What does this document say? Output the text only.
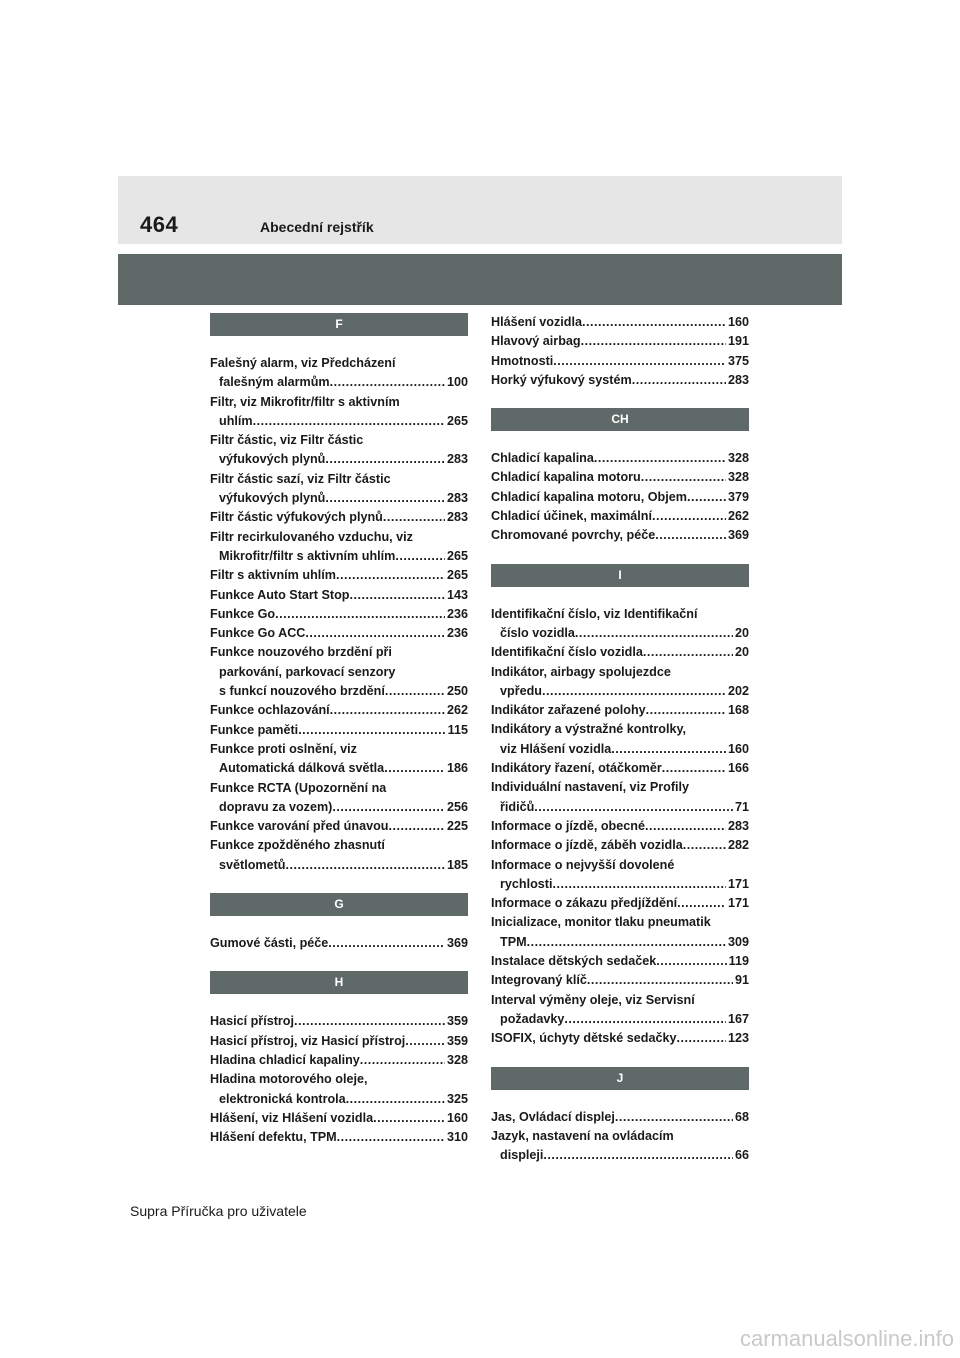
464	Abecední rejstřík
F
Falešný alarm, viz Předcházení
falešným alarmům .....	100
Filtr, viz Mikrofitr/filtr s aktivním
uhlím .....	265
Filtr částic, viz Filtr částic
výfukových plynů .....	283
Filtr částic sazí, viz Filtr částic
výfukových plynů .....	283
Filtr částic výfukových plynů .....	283
Filtr recirkulovaného vzduchu, viz
Mikrofitr/filtr s aktivním uhlím .....	265
Filtr s aktivním uhlím .....	265
Funkce Auto Start Stop .....	143
Funkce Go .....	236
Funkce Go ACC .....	236
Funkce nouzového brzdění při
parkování, parkovací senzory
s funkcí nouzového brzdění .....	250
Funkce ochlazování .....	262
Funkce paměti .....	115
Funkce proti oslnění, viz
Automatická dálková světla .....	186
Funkce RCTA (Upozornění na
dopravu za vozem) .....	256
Funkce varování před únavou .....	225
Funkce zpožděného zhasnutí
světlometů .....	185
G
Gumové části, péče .....	369
H
Hasicí přístroj .....	359
Hasicí přístroj, viz Hasicí přístroj .....	359
Hladina chladicí kapaliny .....	328
Hladina motorového oleje,
elektronická kontrola .....	325
Hlášení, viz Hlášení vozidla .....	160
Hlášení defektu, TPM .....	310
Hlášení vozidla .....	160
Hlavový airbag .....	191
Hmotnosti .....	375
Horký výfukový systém .....	283
CH
Chladicí kapalina .....	328
Chladicí kapalina motoru .....	328
Chladicí kapalina motoru, Objem .....	379
Chladicí účinek, maximální .....	262
Chromované povrchy, péče .....	369
I
Identifikační číslo, viz Identifikační
číslo vozidla .....	20
Identifikační číslo vozidla .....	20
Indikátor, airbagy spolujezdce
vpředu .....	202
Indikátor zařazené polohy .....	168
Indikátory a výstražné kontrolky,
viz Hlášení vozidla .....	160
Indikátory řazení, otáčkoměr .....	166
Individuální nastavení, viz Profily
řidičů .....	71
Informace o jízdě, obecné .....	283
Informace o jízdě, záběh vozidla .....	282
Informace o nejvyšší dovolené
rychlosti .....	171
Informace o zákazu předjíždění .....	171
Inicializace, monitor tlaku pneumatik
TPM .....	309
Instalace dětských sedaček .....	119
Integrovaný klíč .....	91
Interval výměny oleje, viz Servisní
požadavky .....	167
ISOFIX, úchyty dětské sedačky .....	123
J
Jas, Ovládací displej .....	68
Jazyk, nastavení na ovládacím
displeji .....	66
Supra Příručka pro uživatele
carmanualsonline.info
